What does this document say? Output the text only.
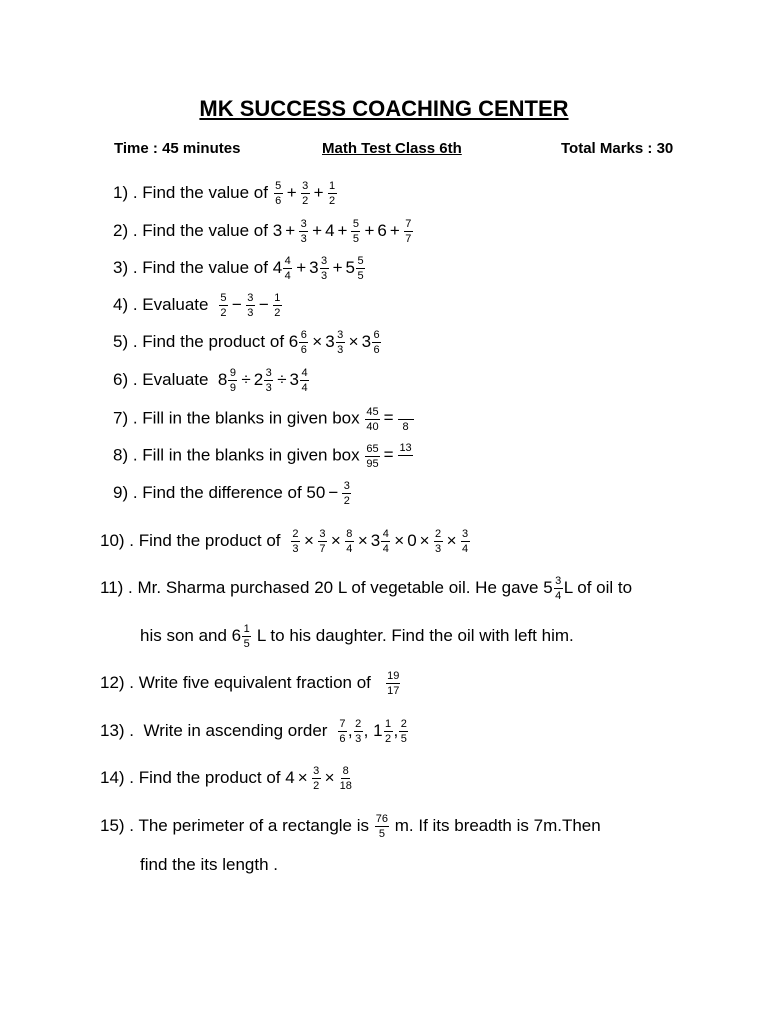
MK SUCCESS COACHING CENTER
Time : 45 minutes	Math Test Class 6th	Total Marks : 30
1) . Find the value of $\frac{5}{6} + \frac{3}{2} + \frac{1}{2}$
2) . Find the value of $3 + \frac{3}{3} + 4 + \frac{5}{5} + 6 + \frac{7}{7}$
3) . Find the value of $4 \frac{4}{4} + 3 \frac{3}{3} + 5 \frac{5}{5}$
4) . Evaluate $\frac{5}{2} - \frac{3}{3} - \frac{1}{2}$
5) . Find the product of $6 \frac{6}{6} \times 3 \frac{3}{3} \times 3 \frac{6}{6}$
6) . Evaluate  $8 \frac{9}{9} \div 2 \frac{3}{3} \div 3 \frac{4}{4}$
7) . Fill in the blanks in given box $\frac{45}{40} = 8$
8) . Fill in the blanks in given box $\frac{65}{95} = 13$
9) . Find the difference of $50 - \frac{3}{2}$
10) . Find the product of $\frac{2}{3} \times \frac{3}{7} \times \frac{8}{4} \times 3 \frac{4}{4} \times 0 \times \frac{2}{3} \times \frac{3}{4}$
11) . Mr. Sharma purchased 20 L of vegetable oil. He gave $5 \frac{3}{4}$ L of oil to
his son and $6 \frac{1}{5}$ L to his daughter. Find the oil with left him.
12) . Write five equivalent fraction of $\frac{19}{17}$
13) . Write in ascending order $\frac{7}{6}$ , $\frac{2}{3}$ , $1 \frac{1}{2}$ , $\frac{2}{5}$
14) . Find the product of $4 \times \frac{3}{2} \times \frac{8}{18}$
15) . The perimeter of a rectangle is $\frac{76}{5} m$. If its breadth is 7m.Then
find the its length .
